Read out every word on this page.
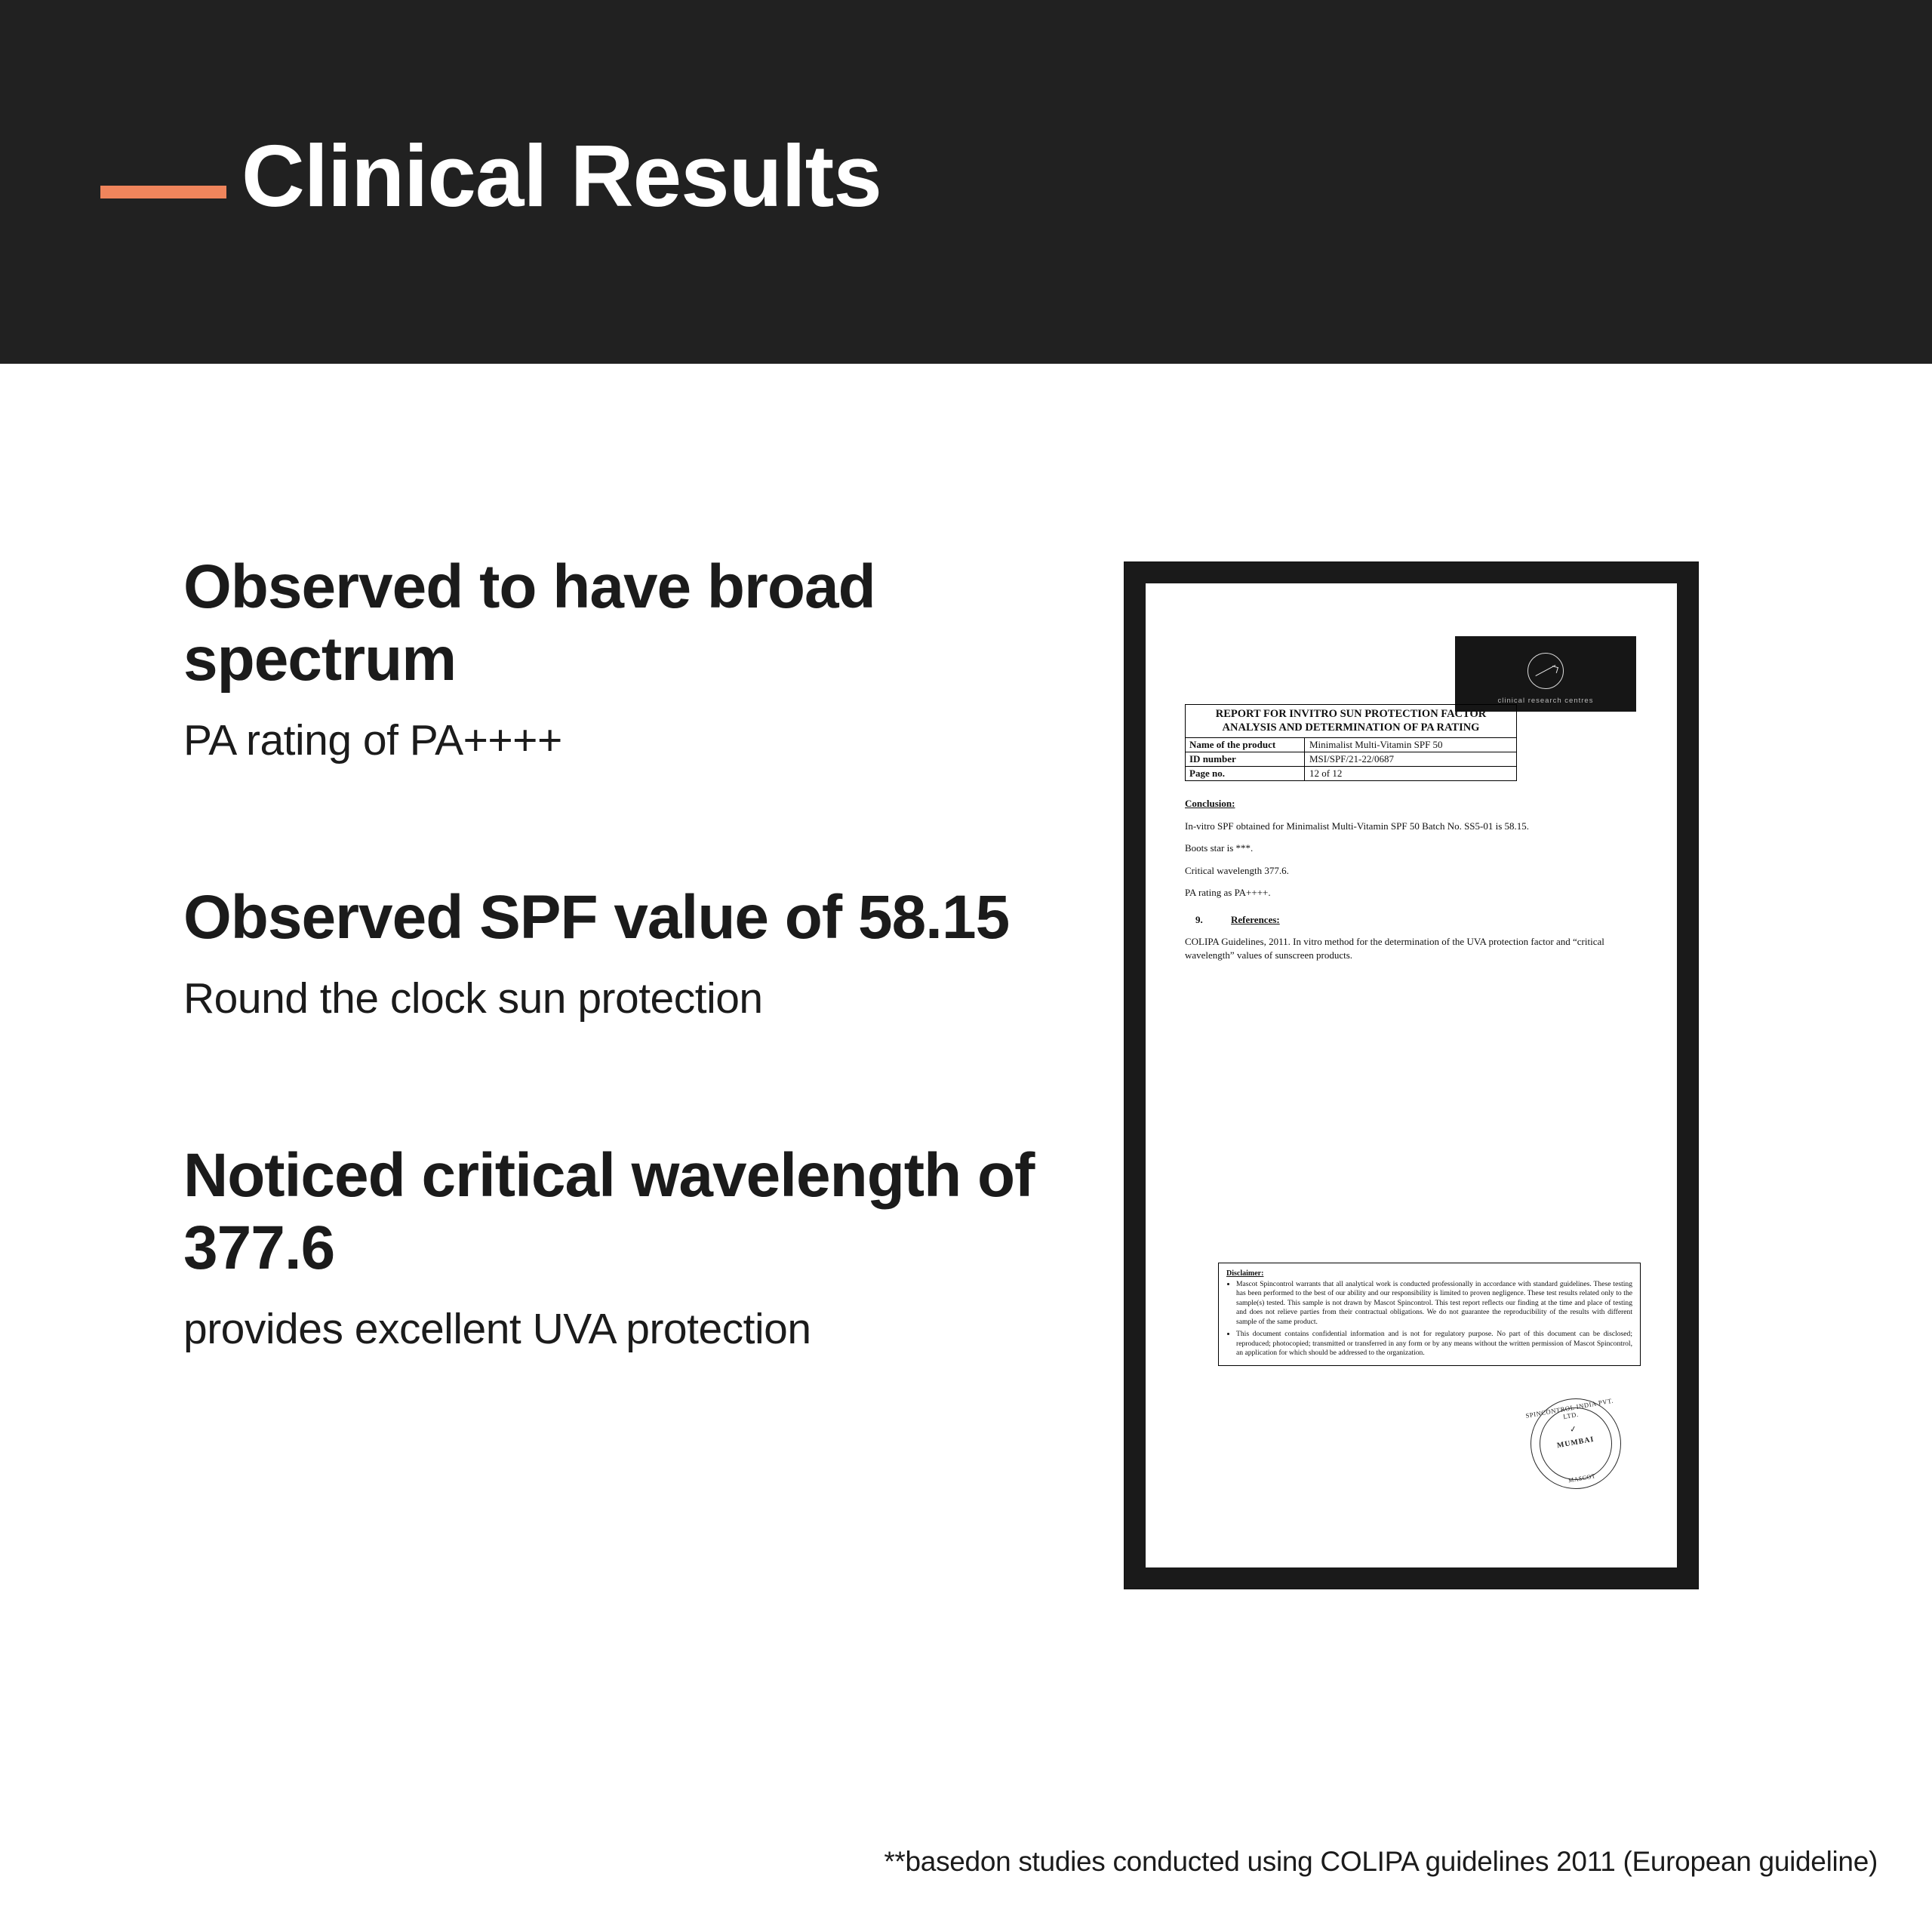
Clinical Results
Observed to have broad spectrum
PA rating of PA++++
Observed SPF value of 58.15
Round the clock sun protection
Noticed critical wavelength of 377.6
provides excellent UVA protection
clinical research centres
REPORT FOR INVITRO SUN PROTECTION FACTOR
ANALYSIS AND DETERMINATION OF PA RATING
Name of the product	Minimalist Multi-Vitamin SPF 50
ID number	MSI/SPF/21-22/0687
Page no.	12 of 12

Conclusion:

In-vitro SPF obtained for Minimalist Multi-Vitamin SPF 50 Batch No. SS5-01 is 58.15.

Boots star is ***.

Critical wavelength 377.6.

PA rating as PA++++.

9.	References:

COLIPA Guidelines, 2011. In vitro method for the determination of the UVA protection factor and “critical wavelength” values of sunscreen products.

Disclaimer:
• Mascot Spincontrol warrants that all analytical work is conducted professionally in accordance with standard guidelines. These testing has been performed to the best of our ability and our responsibility is limited to proven negligence. These test results related only to the sample(s) tested. This sample is not drawn by Mascot Spincontrol. This test report reflects our finding at the time and place of testing and does not relieve parties from their contractual obligations. We do not guarantee the reproducibility of the results with different sample of the same product.
• This document contains confidential information and is not for regulatory purpose. No part of this document can be disclosed; reproduced; photocopied; transmitted or transferred in any form or by any means without the written permission of Mascot Spincontrol, an application for which should be addressed to the organization.
SPINCONTROL INDIA PVT. LTD.
✓
MUMBAI
MASCOT
**basedon studies conducted using COLIPA guidelines 2011 (European guideline)
